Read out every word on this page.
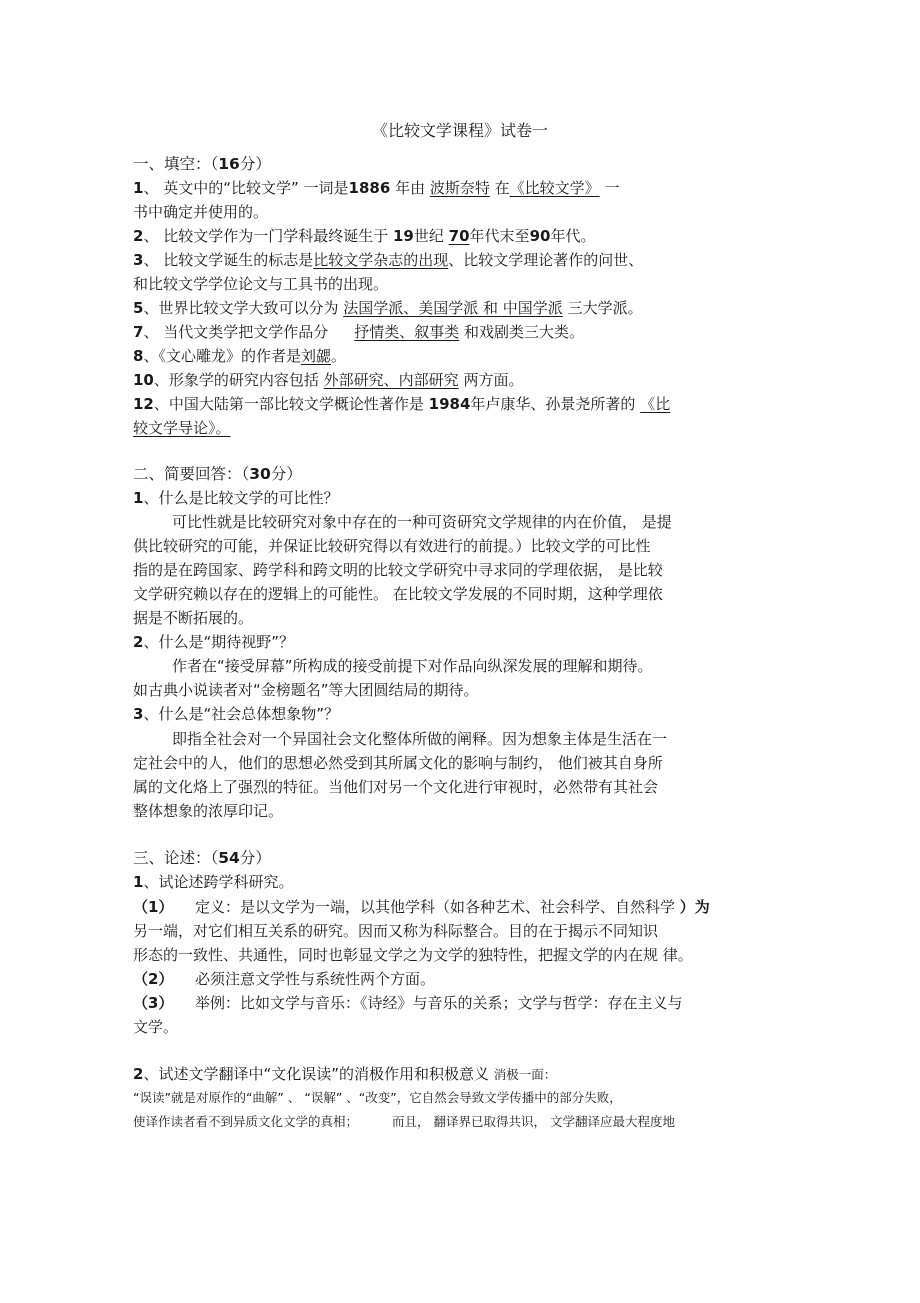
《比较文学课程》试卷一
一、填空：（16分）
1、 英文中的“比较文学” 一词是1886 年由 波斯奈特 在《比较文学》 一
书中确定并使用的。
2、 比较文学作为一门学科最终诞生于 19世纪 70年代末至90年代。
3、 比较文学诞生的标志是比较文学杂志的出现、比较文学理论著作的问世、
和比较文学学位论文与工具书的出现。
5、世界比较文学大致可以分为 法国学派、美国学派 和 中国学派 三大学派。
7、 当代文类学把文学作品分 抒情类、叙事类 和戏剧类三大类。
8、《文心雕龙》的作者是刘勰。
10、形象学的研究内容包括 外部研究、内部研究 两方面。
12、中国大陆第一部比较文学概论性著作是 1984年卢康华、孙景尧所著的 《比
较文学导论》。
二、简要回答：（30分）
1、什么是比较文学的可比性？
可比性就是比较研究对象中存在的一种可资研究文学规律的内在价值， 是提
供比较研究的可能，并保证比较研究得以有效进行的前提。）比较文学的可比性
指的是在跨国家、跨学科和跨文明的比较文学研究中寻求同的学理依据， 是比较
文学研究赖以存在的逻辑上的可能性。 在比较文学发展的不同时期，这种学理依
据是不断拓展的。
2、什么是“期待视野”？
作者在“接受屏幕”所构成的接受前提下对作品向纵深发展的理解和期待。
如古典小说读者对“金榜题名”等大团圆结局的期待。
3、什么是“社会总体想象物”？
即指全社会对一个异国社会文化整体所做的阐释。因为想象主体是生活在一
定社会中的人，他们的思想必然受到其所属文化的影响与制约， 他们被其自身所
属的文化烙上了强烈的特征。当他们对另一个文化进行审视时，必然带有其社会
整体想象的浓厚印记。
三、论述：（54分）
1、试论述跨学科研究。
（1） 定义：是以文学为一端，以其他学科（如各种艺术、社会科学、自然科学 ）为
另一端，对它们相互关系的研究。因而又称为科际整合。目的在于揭示不同知识
形态的一致性、共通性，同时也彰显文学之为文学的独特性，把握文学的内在规 律。
（2） 必须注意文学性与系统性两个方面。
（3） 举例：比如文学与音乐：《诗经》与音乐的关系；文学与哲学：存在主义与
文学。
2、试述文学翻译中“文化误读”的消极作用和积极意义 消极一面：
“误读”就是对原作的“曲解” 、 “误解” 、“改变”，它自然会导致文学传播中的部分失败，
使译作读者看不到异质文化文学的真相；	而且， 翻译界已取得共识， 文学翻译应最大程度地
